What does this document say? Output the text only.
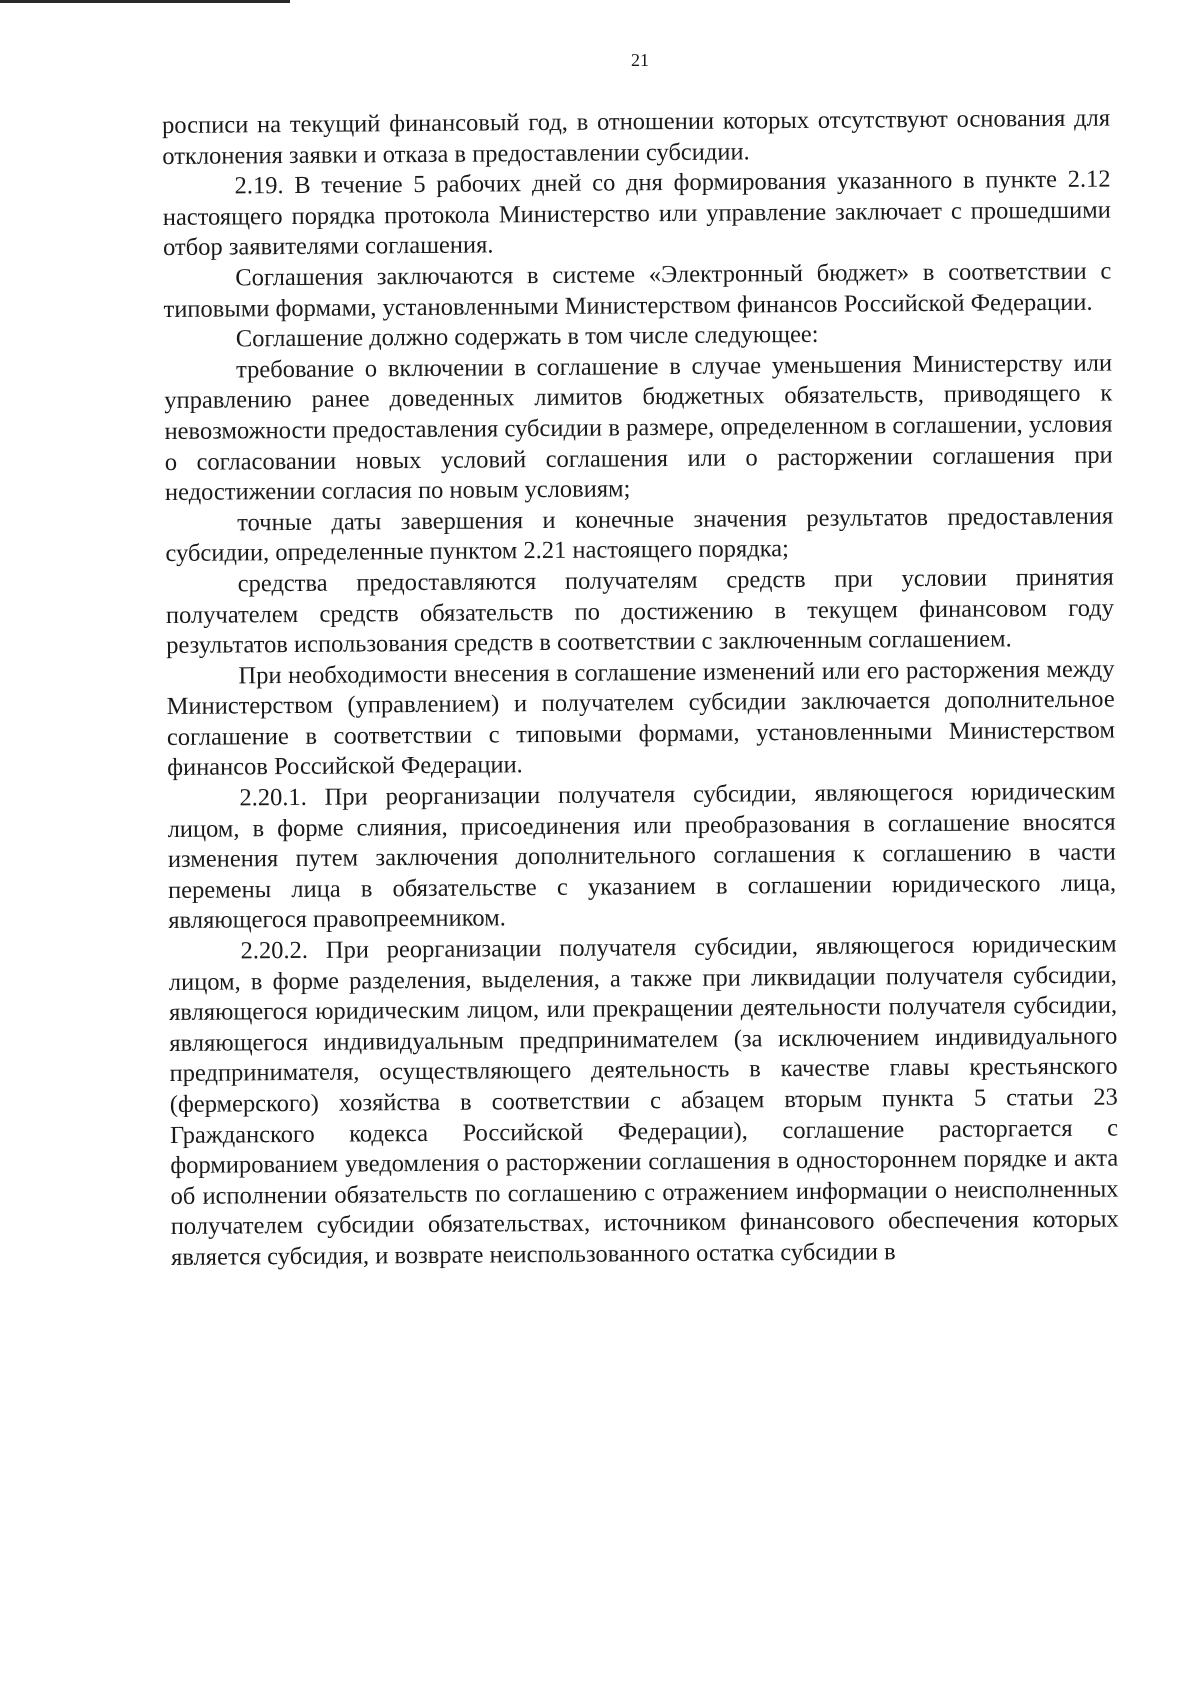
21

росписи на текущий финансовый год, в отношении которых отсутствуют основания для отклонения заявки и отказа в предоставлении субсидии.

2.19. В течение 5 рабочих дней со дня формирования указанного в пункте 2.12 настоящего порядка протокола Министерство или управление заключает с прошедшими отбор заявителями соглашения.

Соглашения заключаются в системе «Электронный бюджет» в соответствии с типовыми формами, установленными Министерством финансов Российской Федерации.

Соглашение должно содержать в том числе следующее:

требование о включении в соглашение в случае уменьшения Министерству или управлению ранее доведенных лимитов бюджетных обязательств, приводящего к невозможности предоставления субсидии в размере, определенном в соглашении, условия о согласовании новых условий соглашения или о расторжении соглашения при недостижении согласия по новым условиям;

точные даты завершения и конечные значения результатов предоставления субсидии, определенные пунктом 2.21 настоящего порядка;

средства предоставляются получателям средств при условии принятия получателем средств обязательств по достижению в текущем финансовом году результатов использования средств в соответствии с заключенным соглашением.

При необходимости внесения в соглашение изменений или его расторжения между Министерством (управлением) и получателем субсидии заключается дополнительное соглашение в соответствии с типовыми формами, установленными Министерством финансов Российской Федерации.

2.20.1. При реорганизации получателя субсидии, являющегося юридическим лицом, в форме слияния, присоединения или преобразования в соглашение вносятся изменения путем заключения дополнительного соглашения к соглашению в части перемены лица в обязательстве с указанием в соглашении юридического лица, являющегося правопреемником.

2.20.2. При реорганизации получателя субсидии, являющегося юридическим лицом, в форме разделения, выделения, а также при ликвидации получателя субсидии, являющегося юридическим лицом, или прекращении деятельности получателя субсидии, являющегося индивидуальным предпринимателем (за исключением индивидуального предпринимателя, осуществляющего деятельность в качестве главы крестьянского (фермерского) хозяйства в соответствии с абзацем вторым пункта 5 статьи 23 Гражданского кодекса Российской Федерации), соглашение расторгается с формированием уведомления о расторжении соглашения в одностороннем порядке и акта об исполнении обязательств по соглашению с отражением информации о неисполненных получателем субсидии обязательствах, источником финансового обеспечения которых является субсидия, и возврате неиспользованного остатка субсидии в
